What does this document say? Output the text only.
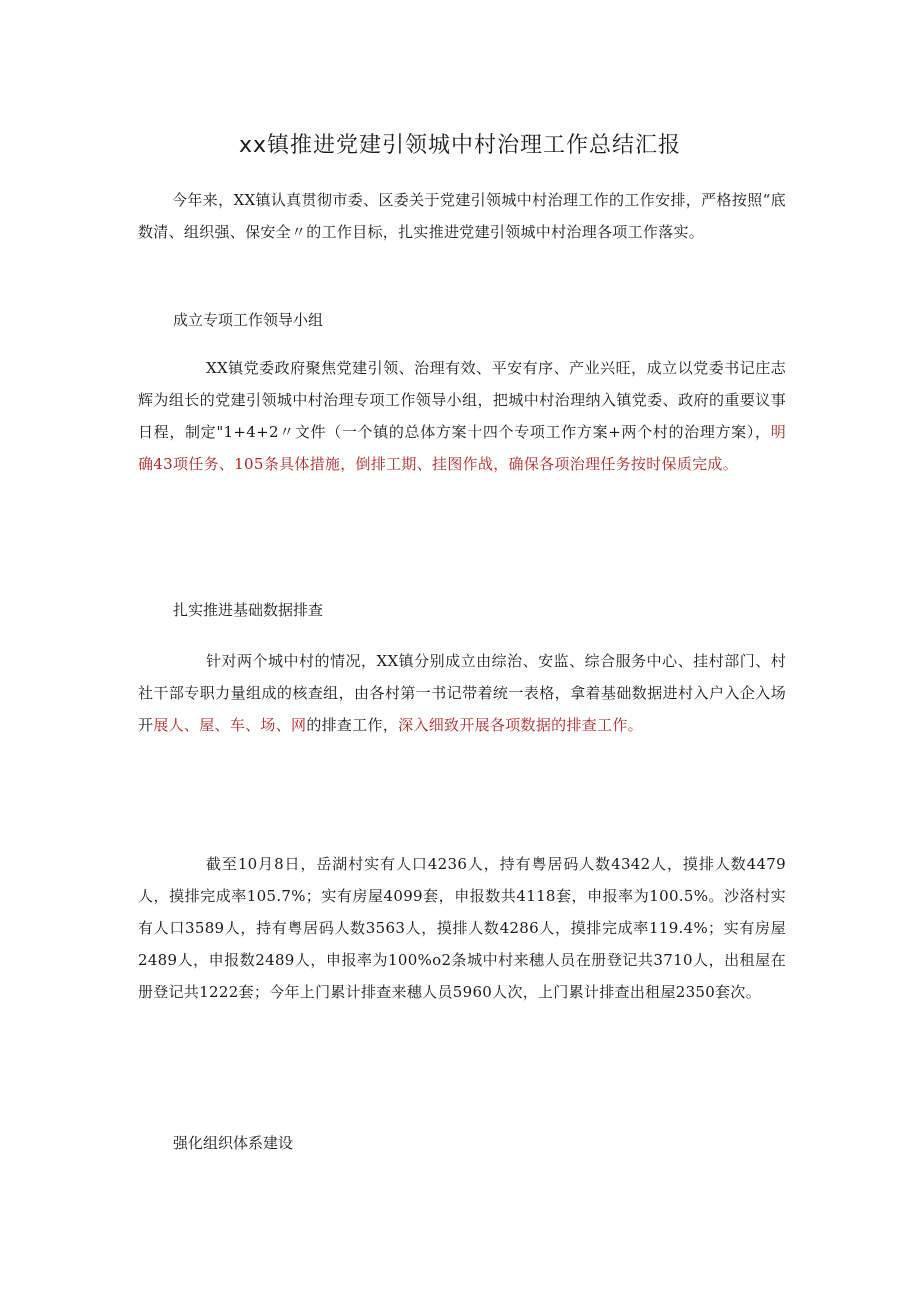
xx镇推进党建引领城中村治理工作总结汇报

今年来，XX镇认真贯彻市委、区委关于党建引领城中村治理工作的工作安排，严格按照“底数清、组织强、保安全〃的工作目标，扎实推进党建引领城中村治理各项工作落实。

成立专项工作领导小组

XX镇党委政府聚焦党建引领、治理有效、平安有序、产业兴旺，成立以党委书记庄志辉为组长的党建引领城中村治理专项工作领导小组，把城中村治理纳入镇党委、政府的重要议事日程，制定"1+4+2〃文件（一个镇的总体方案十四个专项工作方案+两个村的治理方案），明确43项任务、105条具体措施，倒排工期、挂图作战，确保各项治理任务按时保质完成。

扎实推进基础数据排查

针对两个城中村的情况，XX镇分别成立由综治、安监、综合服务中心、挂村部门、村社干部专职力量组成的核查组，由各村第一书记带着统一表格，拿着基础数据进村入户入企入场开展人、屋、车、场、网的排查工作，深入细致开展各项数据的排查工作。

截至10月8日，岳湖村实有人口4236人，持有粤居码人数4342人，摸排人数4479人，摸排完成率105.7%；实有房屋4099套，申报数共4118套，申报率为100.5%。沙洛村实有人口3589人，持有粤居码人数3563人，摸排人数4286人，摸排完成率119.4%；实有房屋2489人，申报数2489人，申报率为100%o2条城中村来穗人员在册登记共3710人，出租屋在册登记共1222套；今年上门累计排查来穗人员5960人次，上门累计排查出租屋2350套次。

强化组织体系建设
